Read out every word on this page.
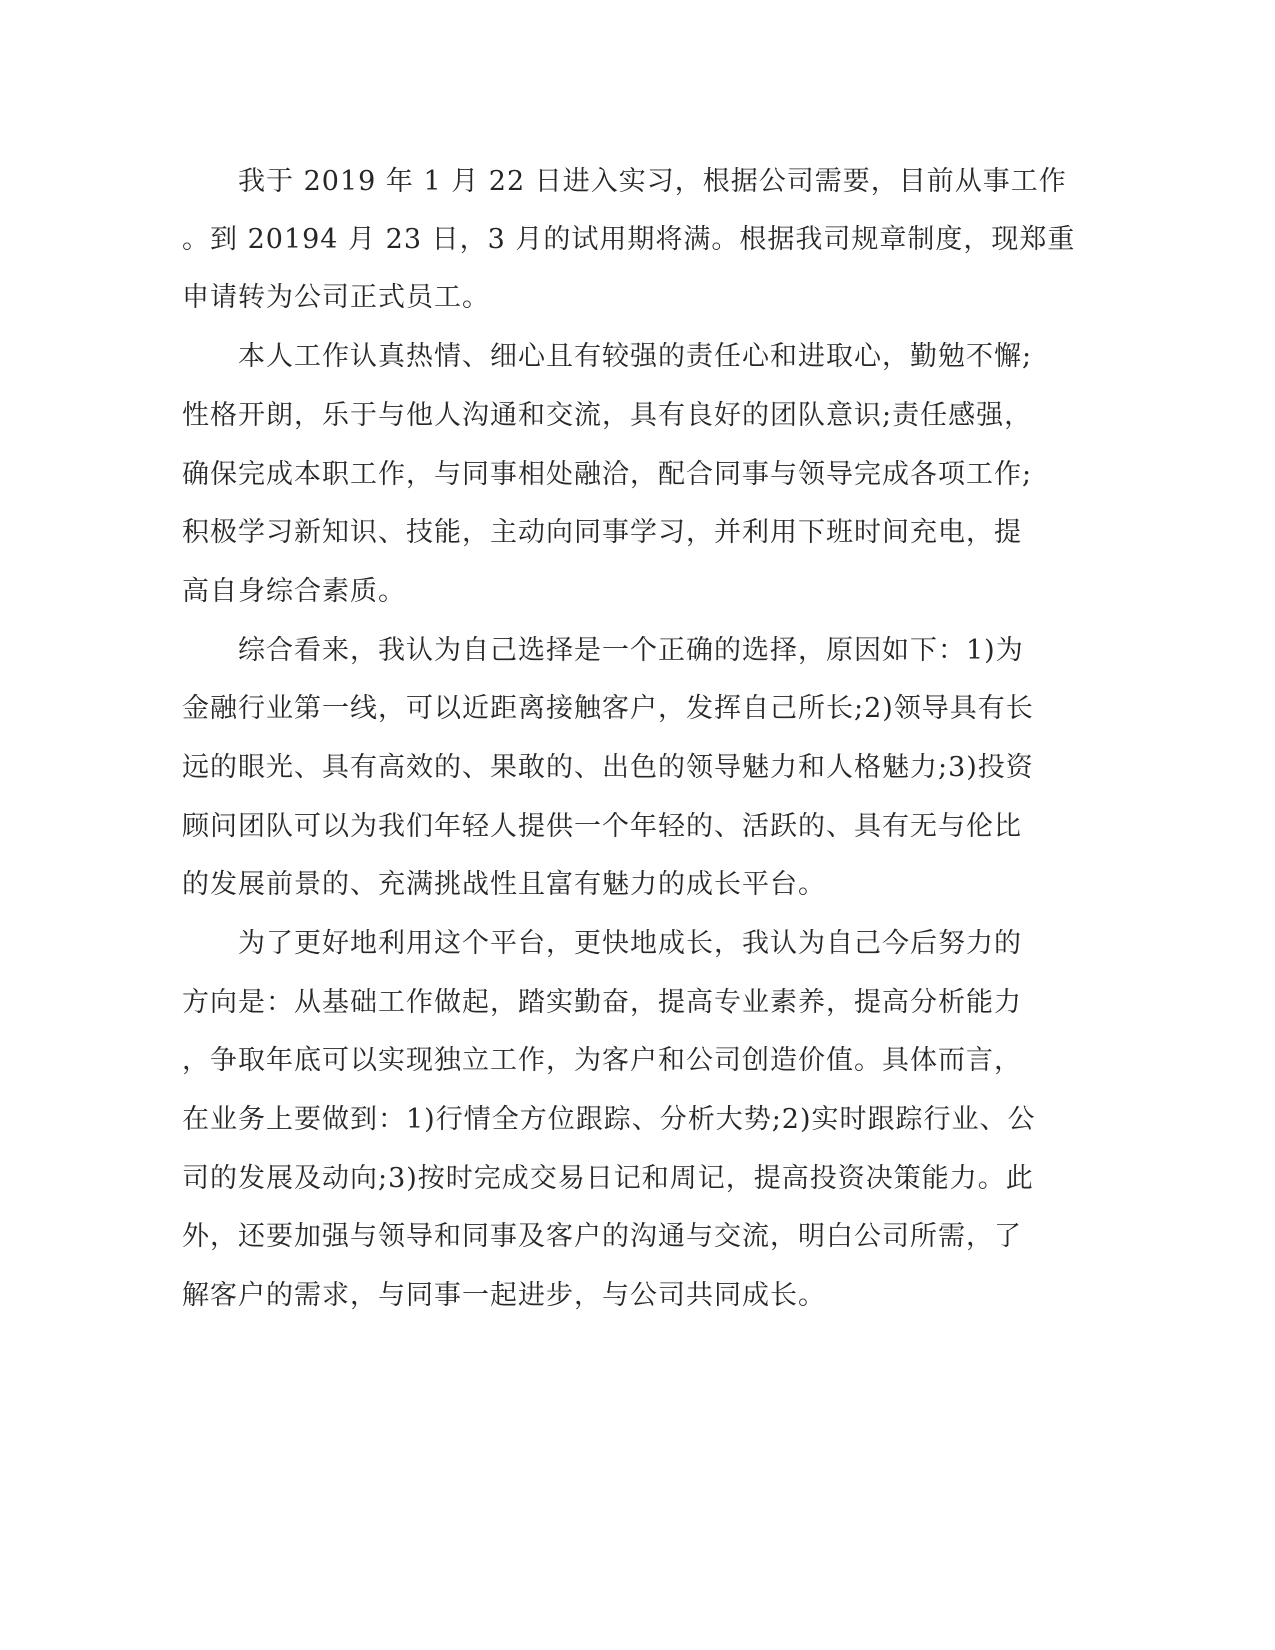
　　我于 2019 年 1 月 22 日进入实习，根据公司需要，目前从事工作
。到 20194 月 23 日，3 月的试用期将满。根据我司规章制度，现郑重
申请转为公司正式员工。
　　本人工作认真热情、细心且有较强的责任心和进取心，勤勉不懈;
性格开朗，乐于与他人沟通和交流，具有良好的团队意识;责任感强，
确保完成本职工作，与同事相处融洽，配合同事与领导完成各项工作;
积极学习新知识、技能，主动向同事学习，并利用下班时间充电，提
高自身综合素质。
　　综合看来，我认为自己选择是一个正确的选择，原因如下：1)为
金融行业第一线，可以近距离接触客户，发挥自己所长;2)领导具有长
远的眼光、具有高效的、果敢的、出色的领导魅力和人格魅力;3)投资
顾问团队可以为我们年轻人提供一个年轻的、活跃的、具有无与伦比
的发展前景的、充满挑战性且富有魅力的成长平台。
　　为了更好地利用这个平台，更快地成长，我认为自己今后努力的
方向是：从基础工作做起，踏实勤奋，提高专业素养，提高分析能力
，争取年底可以实现独立工作，为客户和公司创造价值。具体而言，
在业务上要做到：1)行情全方位跟踪、分析大势;2)实时跟踪行业、公
司的发展及动向;3)按时完成交易日记和周记，提高投资决策能力。此
外，还要加强与领导和同事及客户的沟通与交流，明白公司所需，了
解客户的需求，与同事一起进步，与公司共同成长。
